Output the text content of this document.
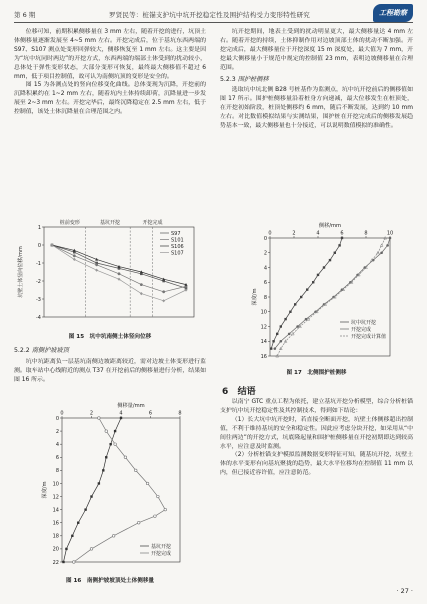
第 6 期	罗贤民等：桩锚支护坑中坑开挖稳定性及围护结构受力变形特性研究	工程勘察

位移可知，前期积累侧移量在 3 mm 左右，随着开挖的进行，坑顶土体侧移量逐渐发展至 4~5 mm 左右。开挖完成后，位于基坑东西两端的 S97、S107 测点处变形回弹较大，侧移恢复至 1 mm 左右。这主要是因为“坑中坑同时两边”的开挖方式，东西两端的端部土体受到的扰动较小，总体处于弹性变形状态，大部分变形可恢复，最终最大侧移值不超过 6 mm，低于项目控制值，故可认为南侧坑顶的变形是安全的。

图 15 为各测点处的竖向位移变化曲线。总体变现为沉降，开挖前的沉降积累约在 1~2 mm 左右，随着坑内土体持续卸荷，沉降量进一步发展至 2~3 mm 左右。开挖完毕后，最终沉降稳定在 2.5 mm 左右，低于控制值，该处土体沉降量在合理范围之内。

-4
-3
-2
-1
0
1
桩前变形	基坑开挖	开挖完成
坑壁土体竖向位移/mm
S97
S101
S106
S107
图 15　坑中坑南侧土体竖向位移
5.2.2 南侧护坡坡顶

坑中坑距离负一层基坑南侧边坡距离较近，需对边坡土体变形进行监测。取车站中心线附近的测点 T37 在开挖前后的侧移量进行分析，结果如图 16 所示。

0	2	4	6	8
0
2
4
6
8
10
12
14
16
18
20
22
侧移量/mm
深度/m
基坑开挖
开挖完成
图 16　南侧护坡坡顶处土体侧移量

坑开挖期间，地表土受到的扰动明显更大，最大侧移量达 4 mm 左右。随着开挖的持续，土体抑制作用对边坡顶部土体的扰动不断加强。开挖完成后，最大侧移量位于开挖深度 15 m 深度处，最大值为 7 mm，开挖最大侧移量小于规范中规定的控制值 23 mm，表明边坡侧移量在合理范围。

5.2.3 围护桩侧移

选取坑中坑北侧 B28 号桩基作为监测点，坑中坑开挖前后的侧移值如图 17 所示。围护桩侧移量沿着桩身方向递减，最大位移发生在桩顶处，在开挖初始阶段，桩顶处侧移约 6 mm，随后不断发展，达到约 10 mm 左右。对比数值模拟结果与实测结果，围护桩在开挖完成后的侧移发展趋势基本一致，最大侧移量也十分接近，可以说明数值模拟的准确性。

0	2	4	6	8	10
0
2
4
6
8
10
12
14
16
侧移/mm
深度/m
坑中坑开挖
开挖完成
开挖完成计算值
图 17　北侧围护桩侧移
6 结语

以南宁 GTC 重点工程为依托，建立基坑开挖分析模型，综合分析桩锚支护坑中坑开挖稳定性及其控制技术，得到如下结论：

（1）长大坑中坑开挖时，若直接全断面开挖，坑壁土体侧移超出控制值，不利于维持基坑的安全和稳定性。因此应考虑分块开挖，如采用从“中间往两边”的开挖方式，坑底隆起量和围护桩侧移量在开挖初期即达到较高水平，应注意及时监测。

（2）分析桩锚支护模拟监测数据变形特征可知，随基坑开挖，坑壁土体的水平变形有向基坑聚拢的趋势，最大水平位移均在控制值 11 mm 以内，但已接近容许值，应注意防范。

· 27 ·
